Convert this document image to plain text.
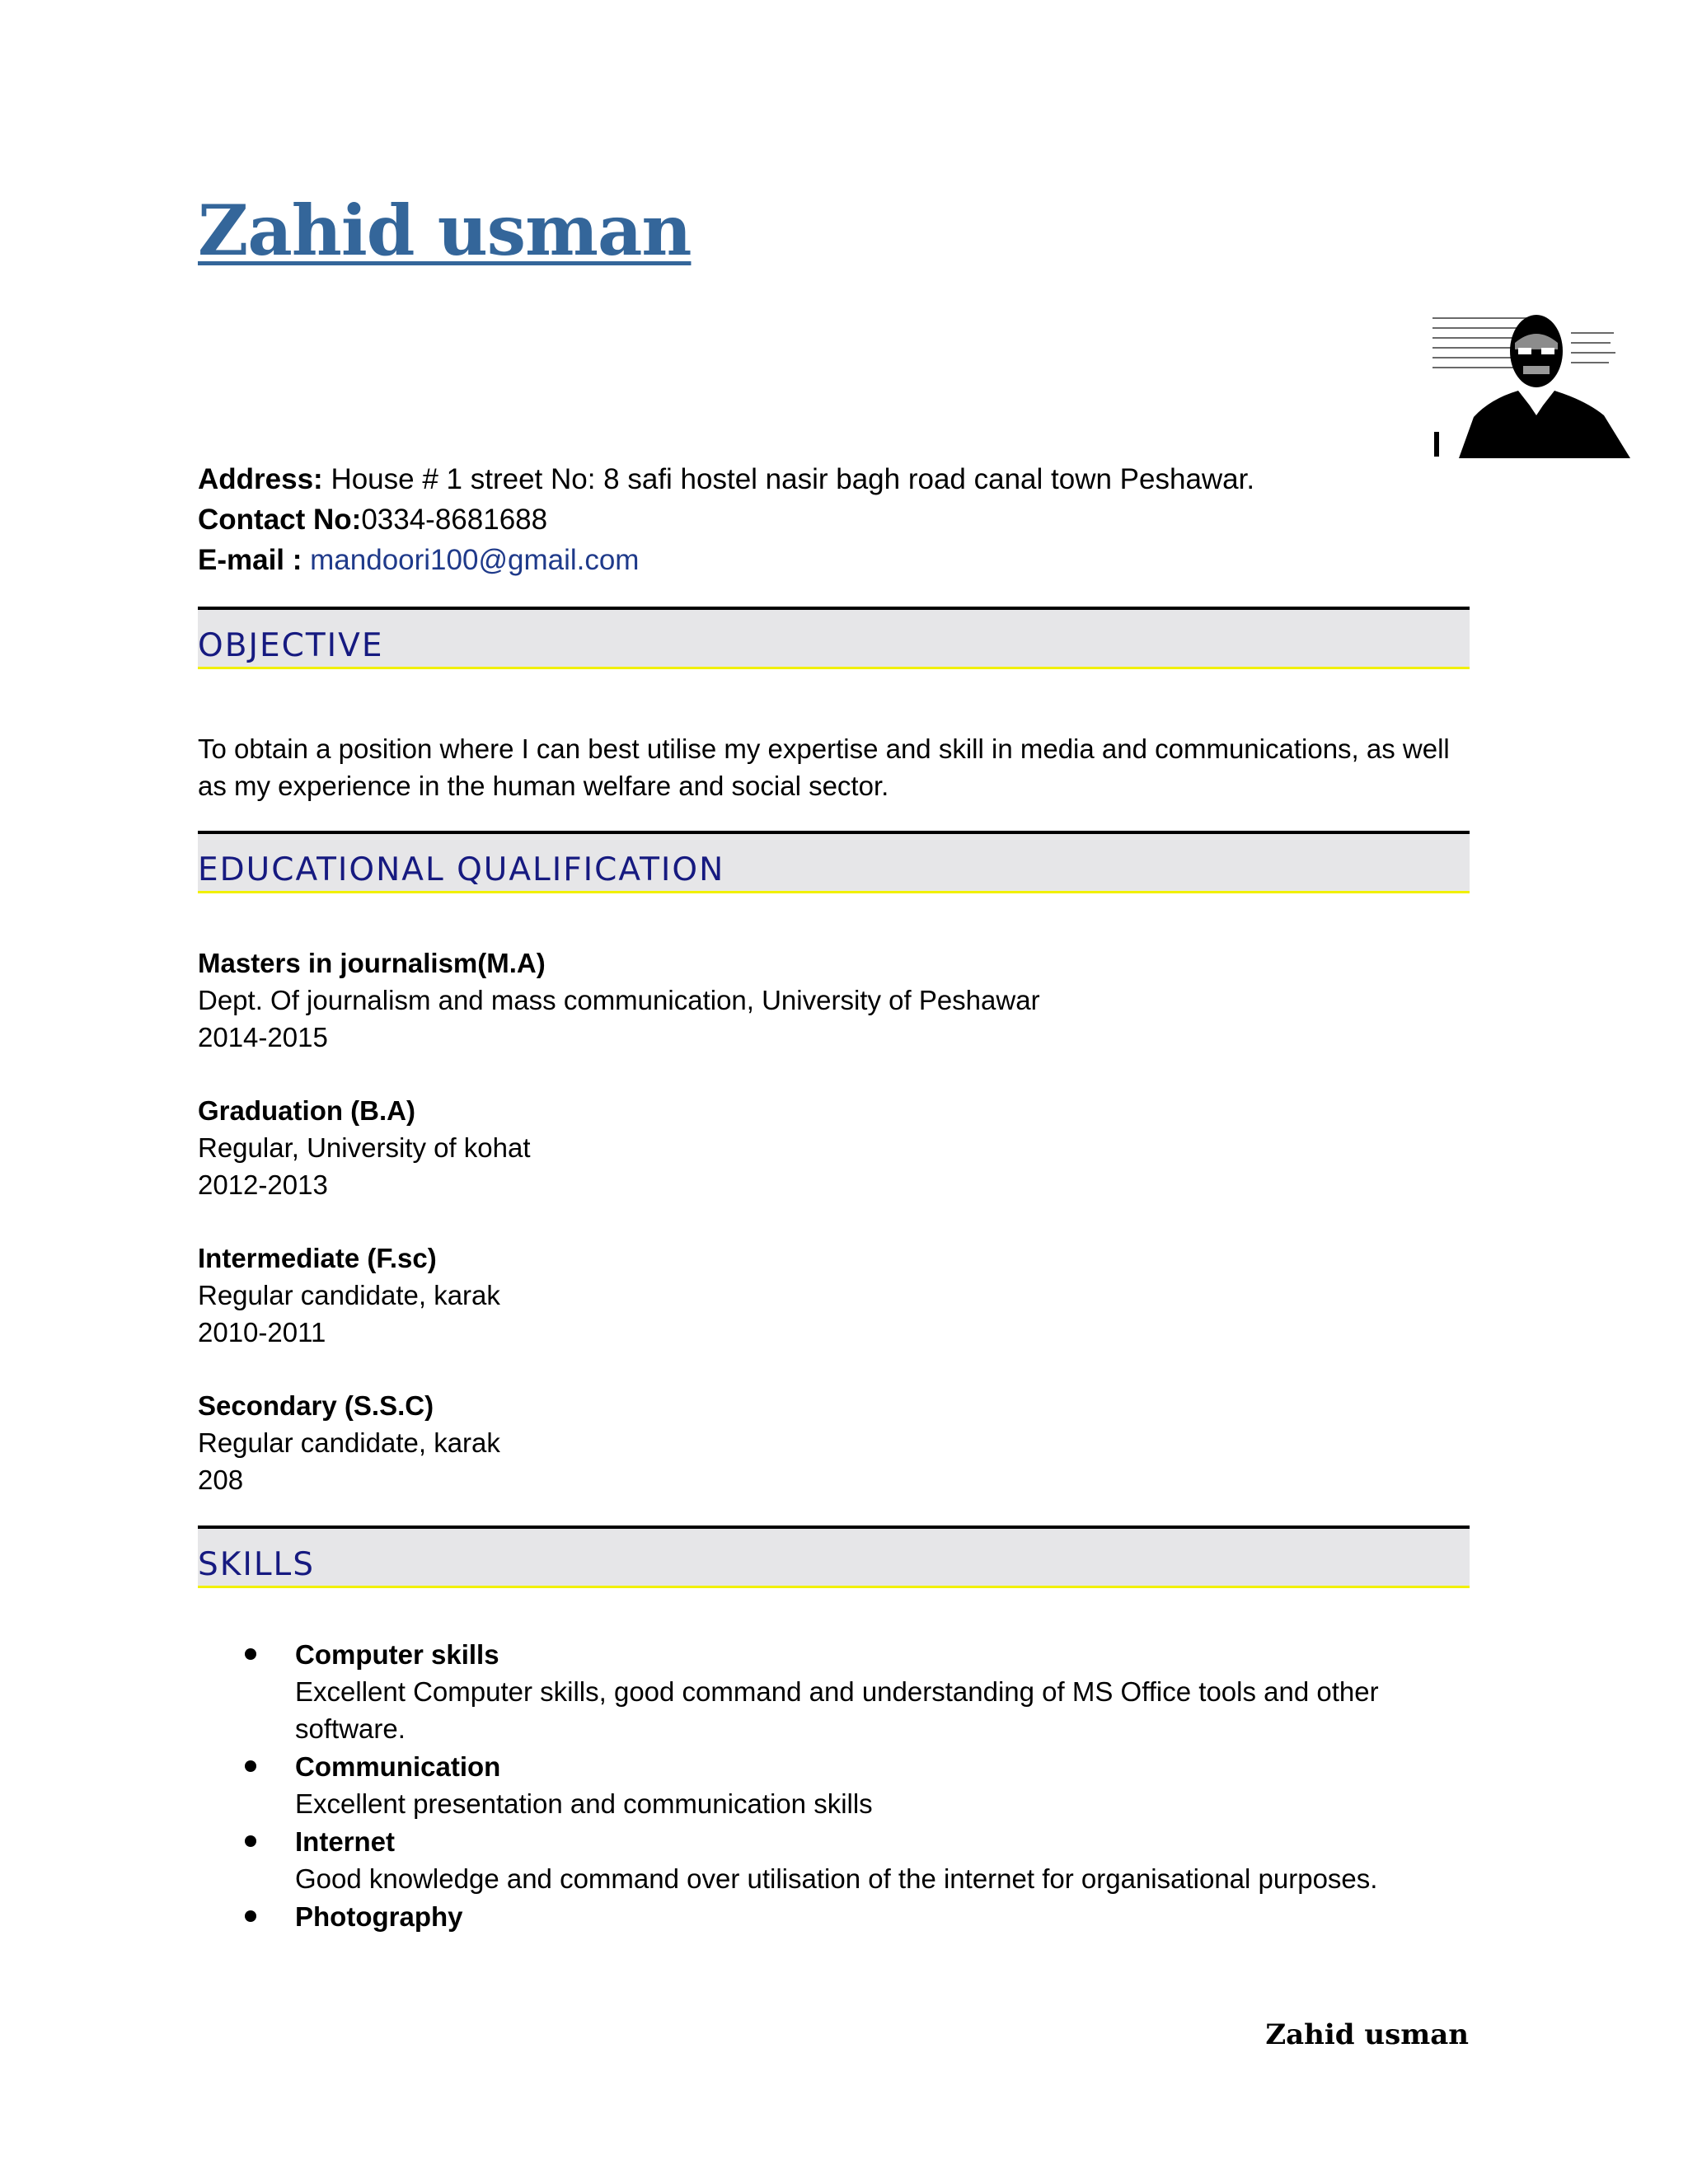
Zahid usman
Address: House # 1 street No: 8 safi hostel nasir bagh road canal town Peshawar.
Contact No:0334-8681688
E-mail : mandoori100@gmail.com
OBJECTIVE
To obtain a position where I can best utilise my expertise and skill in media and communications, as well as my experience in the human welfare and social sector.
EDUCATIONAL QUALIFICATION
Masters in journalism(M.A)
Dept. Of journalism and mass communication, University of Peshawar
2014-2015
Graduation (B.A)
Regular, University of kohat
2012-2013
Intermediate (F.sc)
Regular candidate, karak
2010-2011
Secondary (S.S.C)
Regular candidate, karak
208
SKILLS
Computer skills
Excellent Computer skills, good command and understanding of MS Office tools and other software.
Communication
Excellent presentation and communication skills
Internet
Good knowledge and command over utilisation of the internet for organisational purposes.
Photography
Zahid usman
